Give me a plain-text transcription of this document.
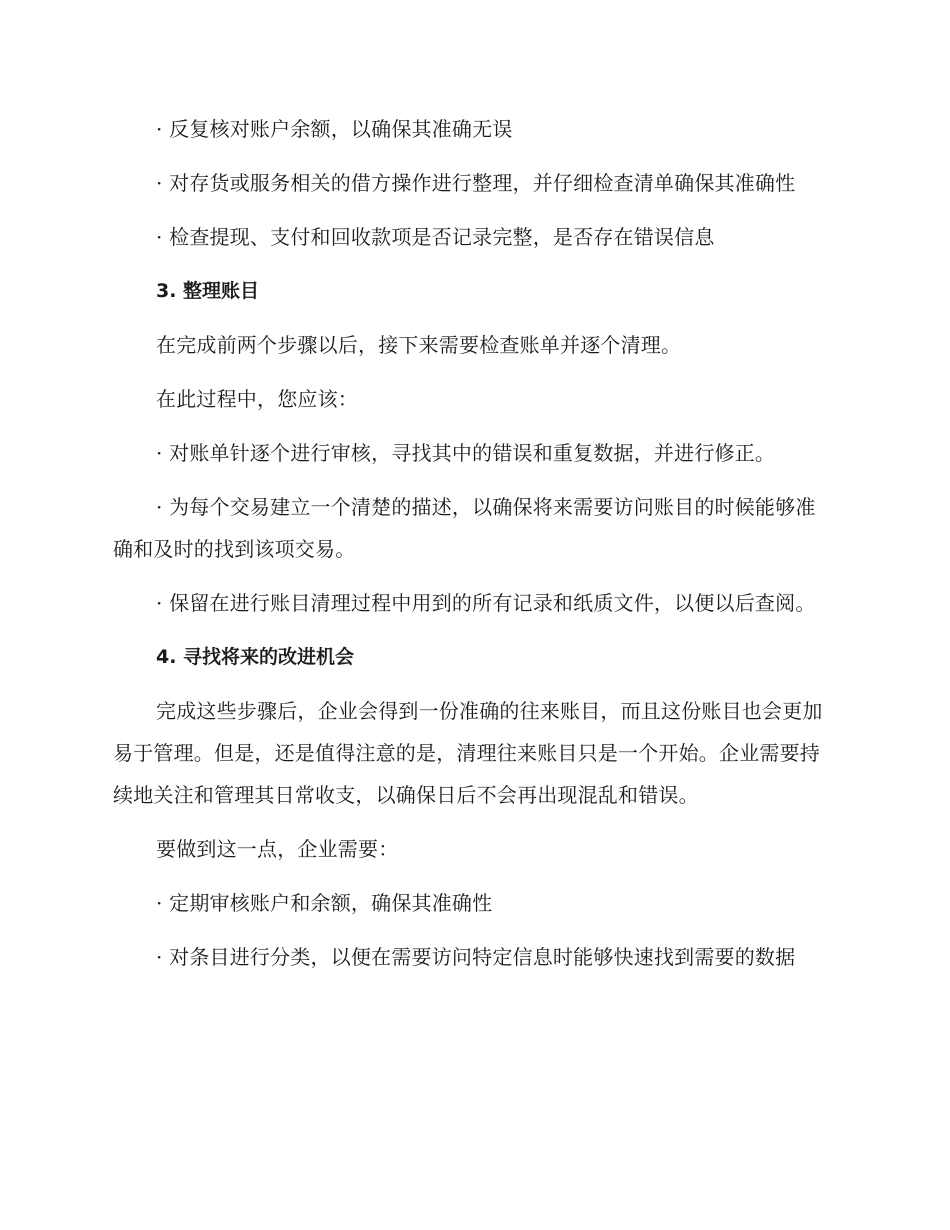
· 反复核对账户余额，以确保其准确无误

· 对存货或服务相关的借方操作进行整理，并仔细检查清单确保其准确性

· 检查提现、支付和回收款项是否记录完整，是否存在错误信息

3. 整理账目

在完成前两个步骤以后，接下来需要检查账单并逐个清理。

在此过程中，您应该：

· 对账单针逐个进行审核，寻找其中的错误和重复数据，并进行修正。

· 为每个交易建立一个清楚的描述，以确保将来需要访问账目的时候能够准确和及时的找到该项交易。

· 保留在进行账目清理过程中用到的所有记录和纸质文件，以便以后查阅。

4. 寻找将来的改进机会

完成这些步骤后，企业会得到一份准确的往来账目，而且这份账目也会更加易于管理。但是，还是值得注意的是，清理往来账目只是一个开始。企业需要持续地关注和管理其日常收支，以确保日后不会再出现混乱和错误。

要做到这一点，企业需要：

· 定期审核账户和余额，确保其准确性

· 对条目进行分类，以便在需要访问特定信息时能够快速找到需要的数据
